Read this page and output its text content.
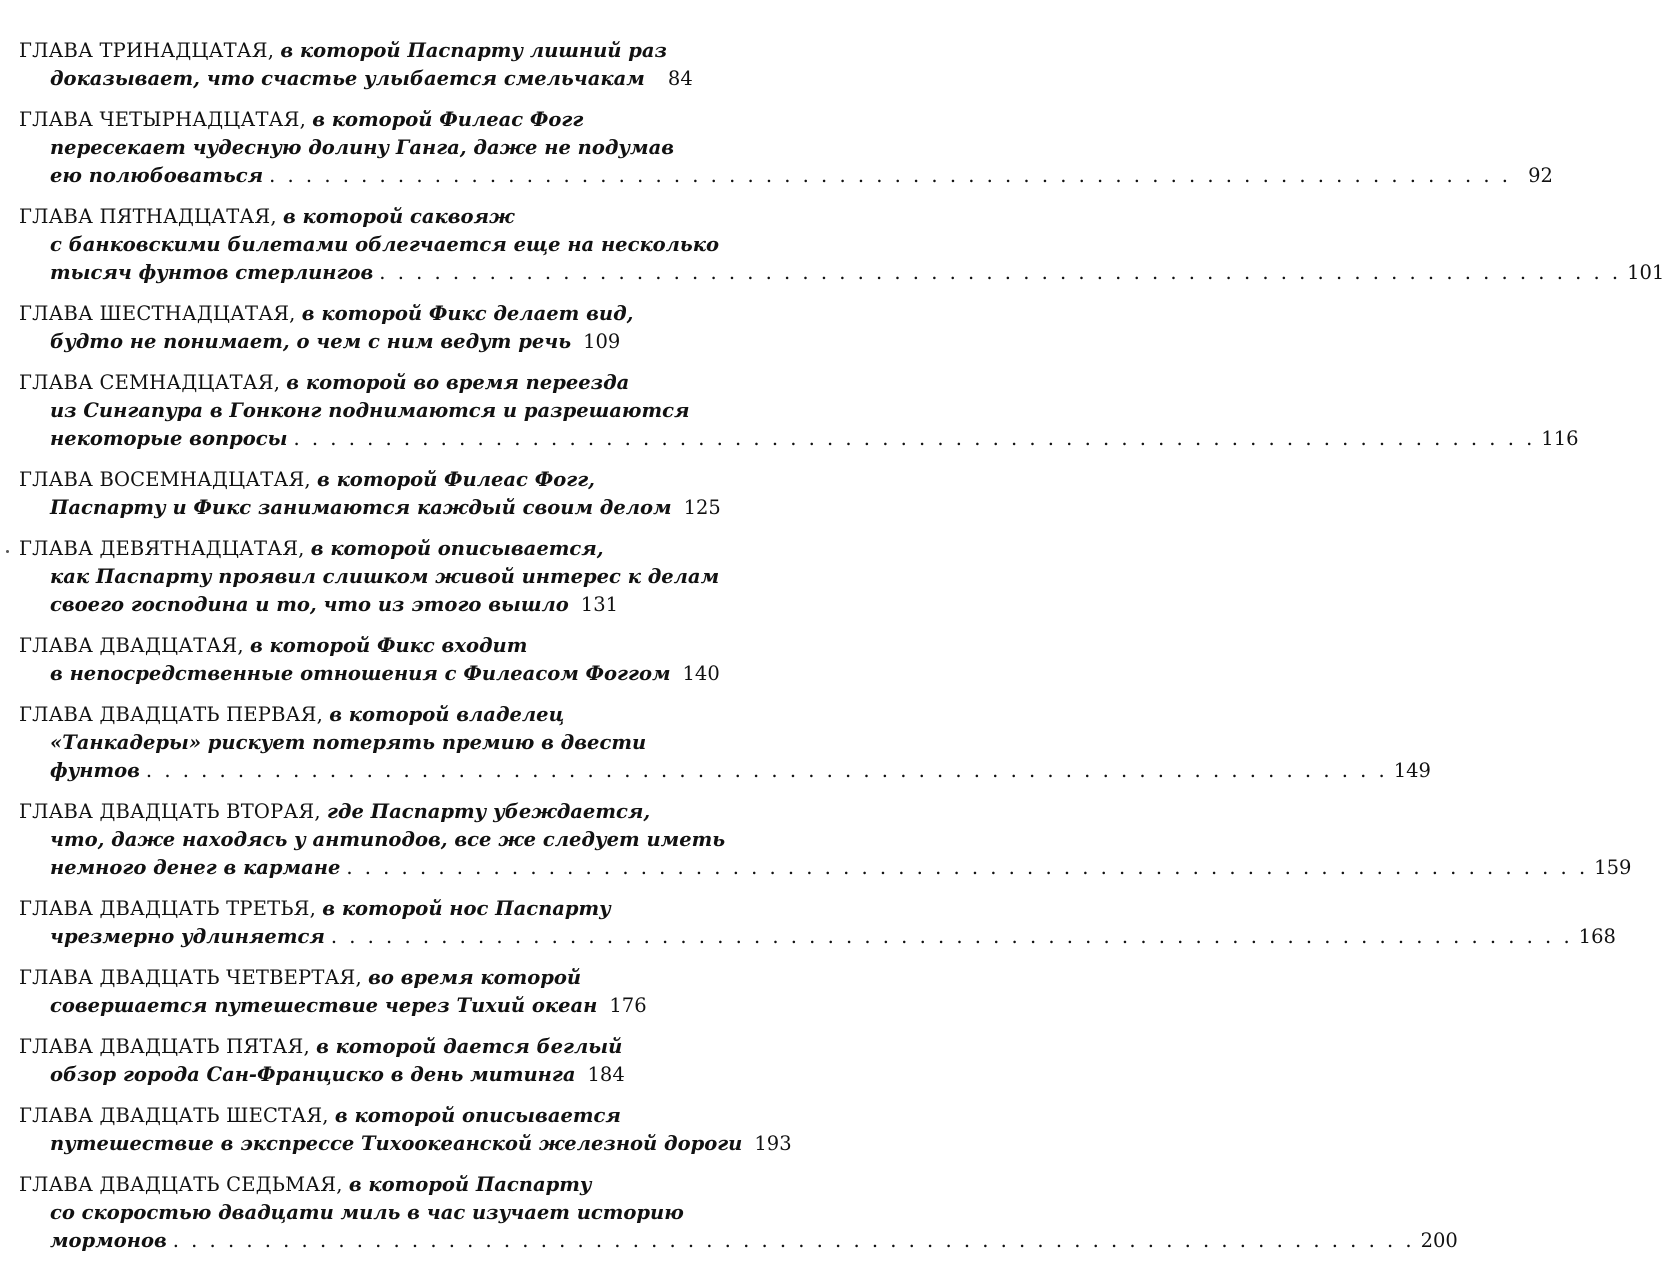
ГЛАВА ТРИНАДЦАТАЯ, в которой Паспарту лишний раз
доказывает, что счастье улыбается смельчакам	84
ГЛАВА ЧЕТЫРНАДЦАТАЯ, в которой Филеас Фогг
пересекает чудесную долину Ганга, даже не подумав
ею полюбоваться . . .	92
ГЛАВА ПЯТНАДЦАТАЯ, в которой саквояж
с банковскими билетами облегчается еще на несколько
тысяч фунтов стерлингов . . .	101
ГЛАВА ШЕСТНАДЦАТАЯ, в которой Фикс делает вид,
будто не понимает, о чем с ним ведут речь 109
ГЛАВА СЕМНАДЦАТАЯ, в которой во время переезда
из Сингапура в Гонконг поднимаются и разрешаются
некоторые вопросы . . .	116
ГЛАВА ВОСЕМНАДЦАТАЯ, в которой Филеас Фогг,
Паспарту и Фикс занимаются каждый своим делом 125
ГЛАВА ДЕВЯТНАДЦАТАЯ, в которой описывается,
как Паспарту проявил слишком живой интерес к делам
своего господина и то, что из этого вышло 131
ГЛАВА ДВАДЦАТАЯ, в которой Фикс входит
в непосредственные отношения с Филеасом Фоггом 140
ГЛАВА ДВАДЦАТЬ ПЕРВАЯ, в которой владелец
«Танкадеры» рискует потерять премию в двести
фунтов . . .	149
ГЛАВА ДВАДЦАТЬ ВТОРАЯ, где Паспарту убеждается,
что, даже находясь у антиподов, все же следует иметь
немного денег в кармане . . .	159
ГЛАВА ДВАДЦАТЬ ТРЕТЬЯ, в которой нос Паспарту
чрезмерно удлиняется . . .	168
ГЛАВА ДВАДЦАТЬ ЧЕТВЕРТАЯ, во время которой
совершается путешествие через Тихий океан 176
ГЛАВА ДВАДЦАТЬ ПЯТАЯ, в которой дается беглый
обзор города Сан-Франциско в день митинга 184
ГЛАВА ДВАДЦАТЬ ШЕСТАЯ, в которой описывается
путешествие в экспрессе Тихоокеанской железной дороги 193
ГЛАВА ДВАДЦАТЬ СЕДЬМАЯ, в которой Паспарту
со скоростью двадцати миль в час изучает историю
мормонов . . .	200
